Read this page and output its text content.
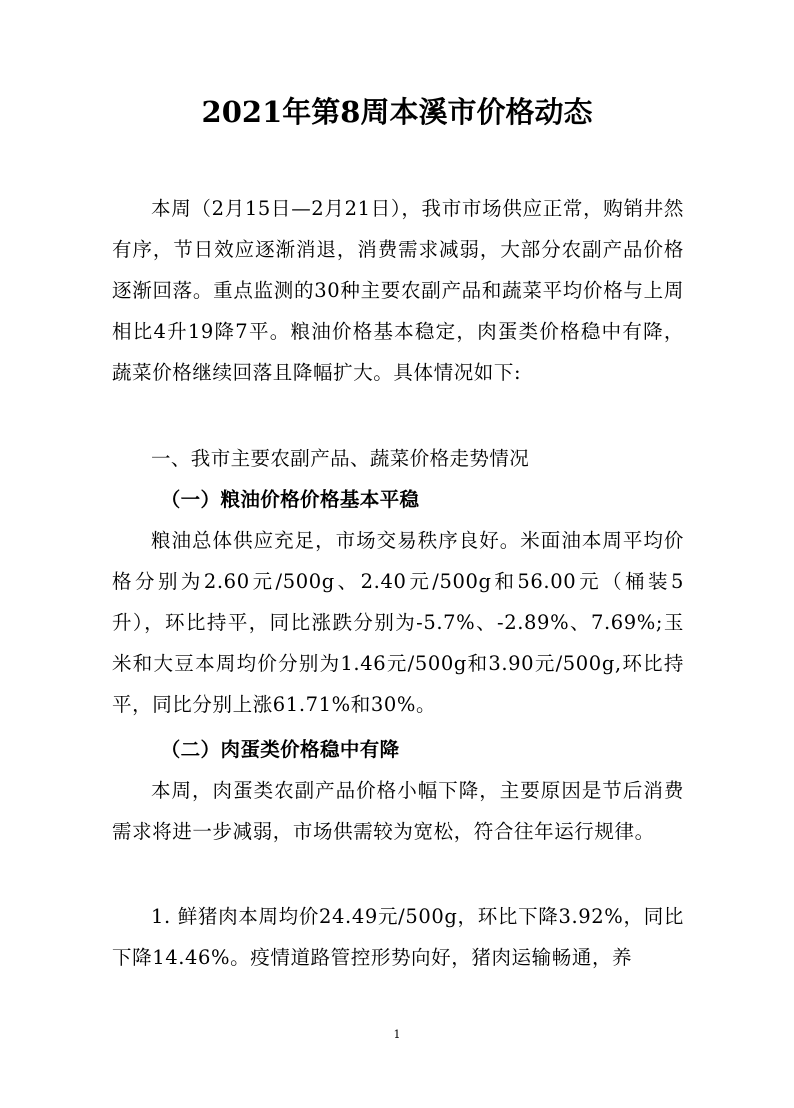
2021年第8周本溪市价格动态

本周（2月15日—2月21日），我市市场供应正常，购销井然有序，节日效应逐渐消退，消费需求减弱，大部分农副产品价格逐渐回落。重点监测的30种主要农副产品和蔬菜平均价格与上周相比4升19降7平。粮油价格基本稳定，肉蛋类价格稳中有降，蔬菜价格继续回落且降幅扩大。具体情况如下:

一、我市主要农副产品、蔬菜价格走势情况

（一）粮油价格价格基本平稳

粮油总体供应充足，市场交易秩序良好。米面油本周平均价格分别为2.60元/500g、2.40元/500g和56.00元（桶装5升），环比持平，同比涨跌分别为-5.7%、-2.89%、7.69%;玉米和大豆本周均价分别为1.46元/500g和3.90元/500g,环比持平，同比分别上涨61.71%和30%。

（二）肉蛋类价格稳中有降

本周，肉蛋类农副产品价格小幅下降，主要原因是节后消费需求将进一步减弱，市场供需较为宽松，符合往年运行规律。

1. 鲜猪肉本周均价24.49元/500g，环比下降3.92%，同比下降14.46%。疫情道路管控形势向好，猪肉运输畅通，养

1
